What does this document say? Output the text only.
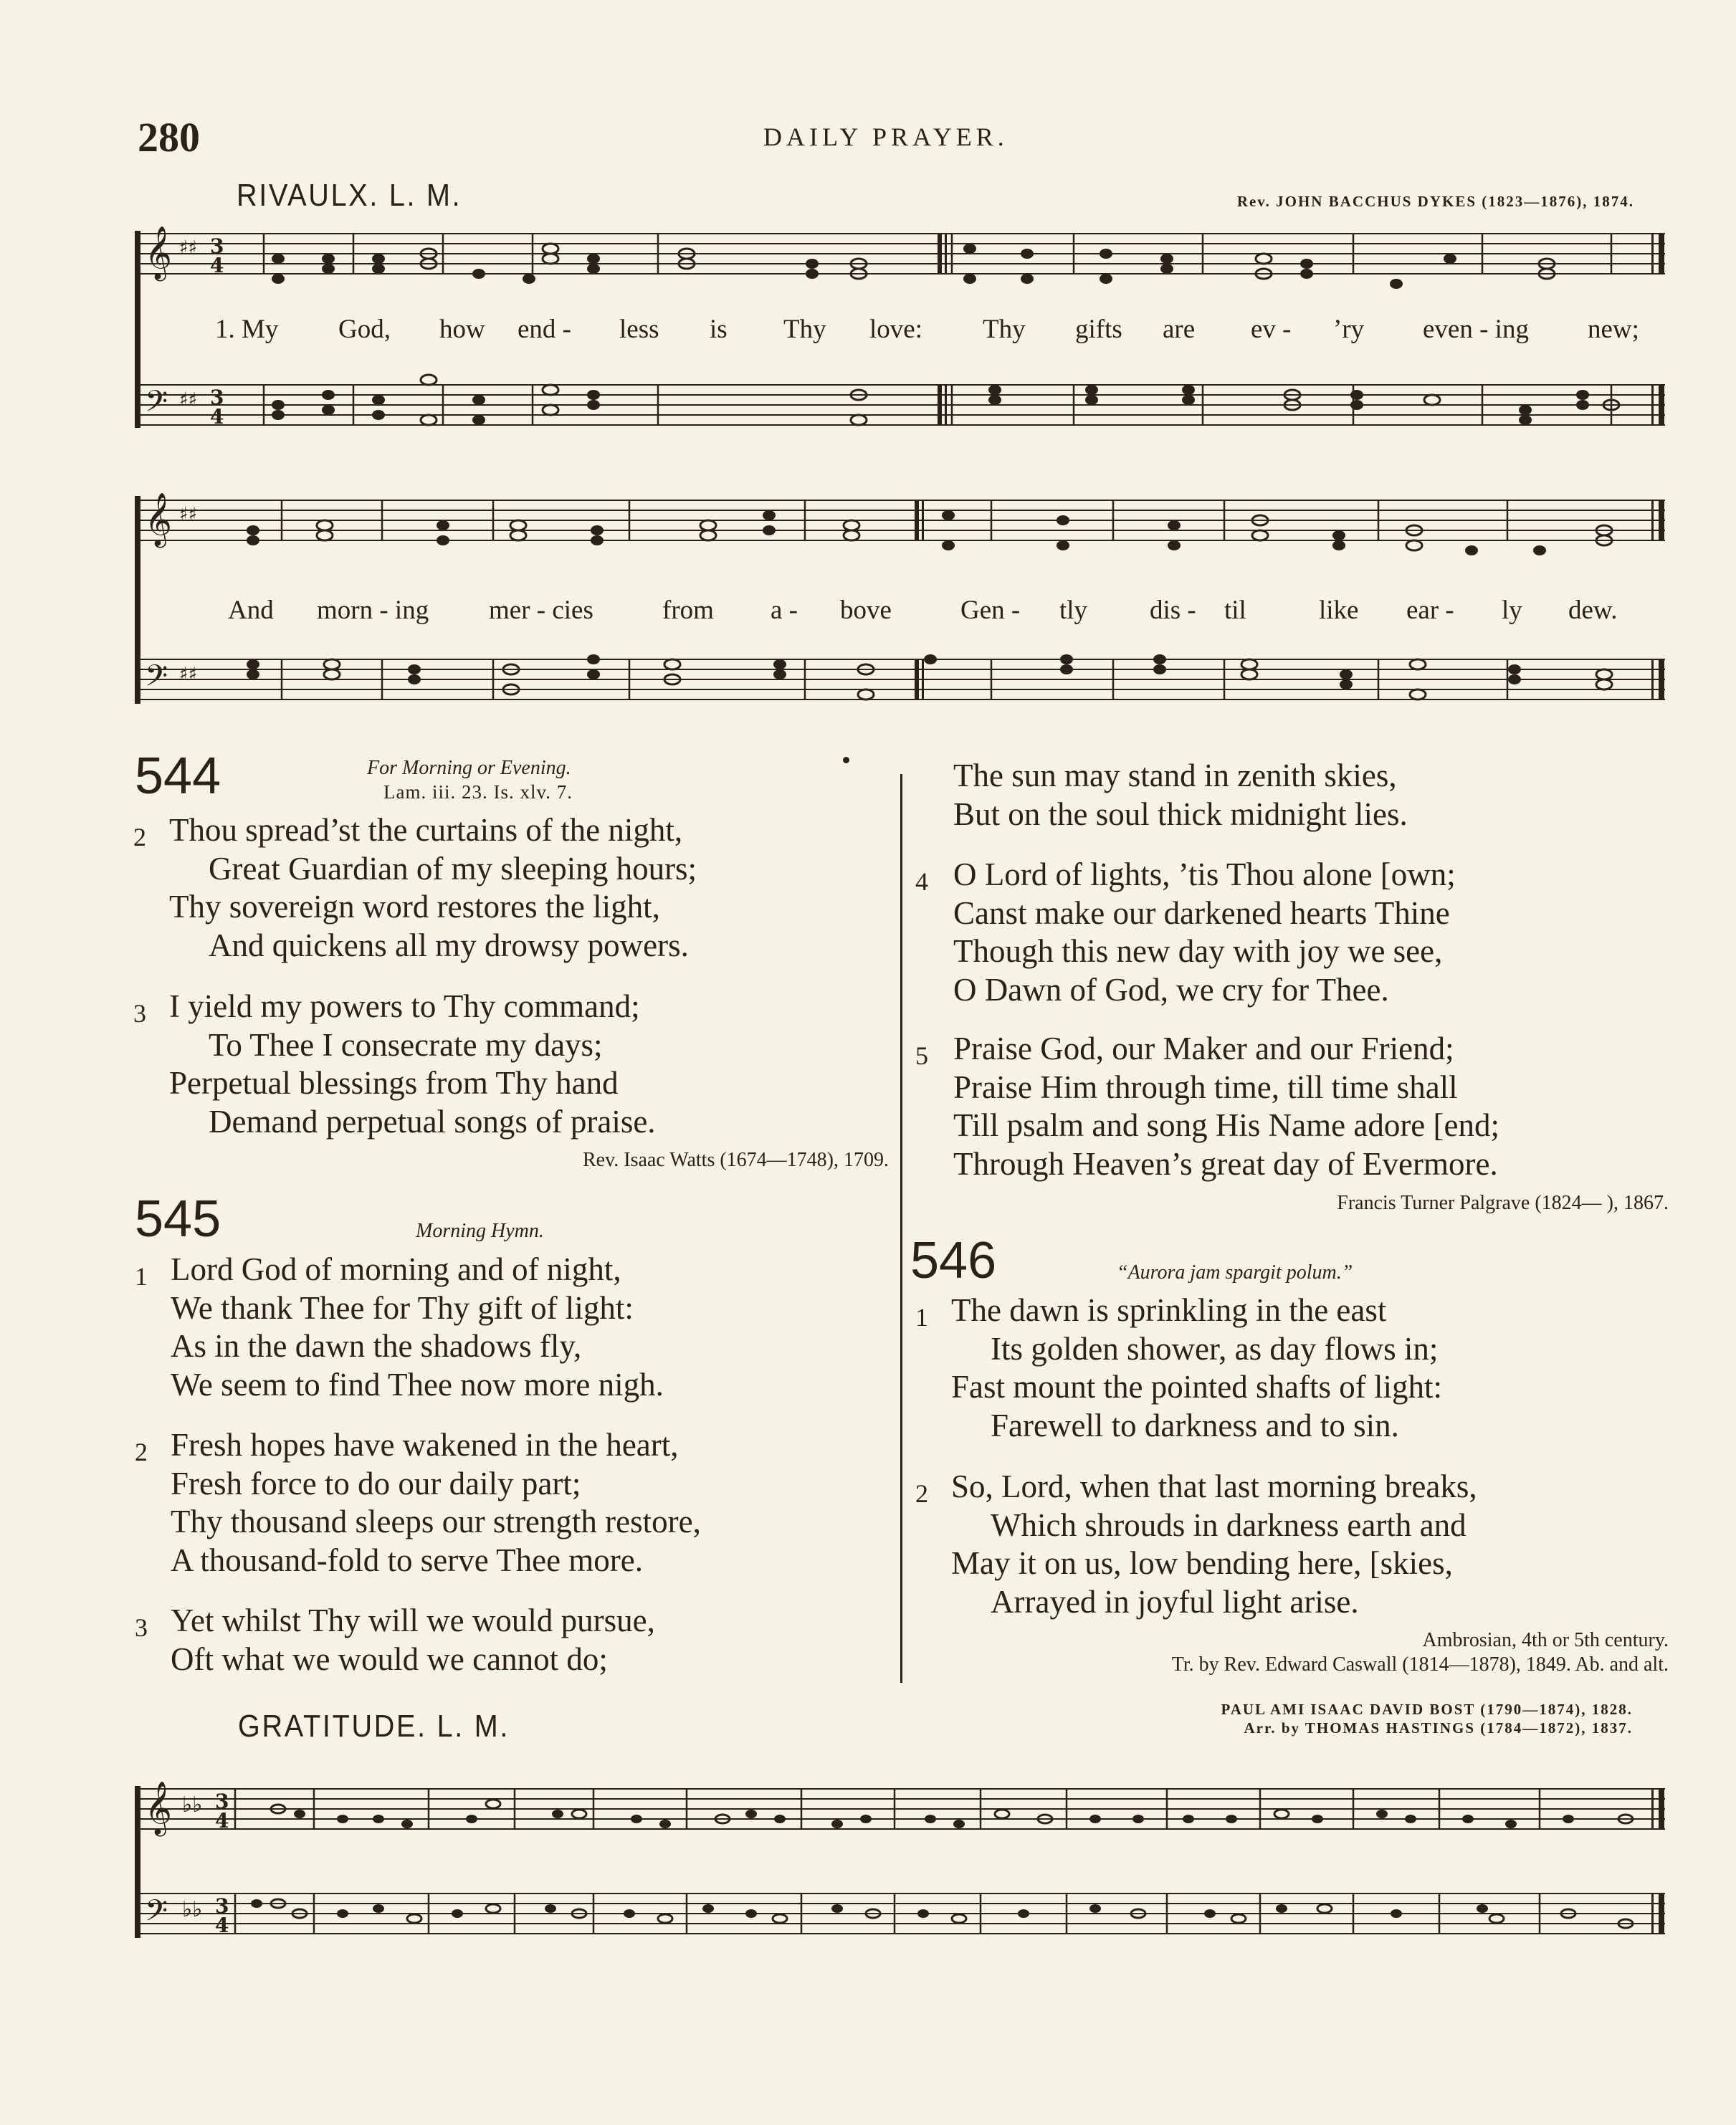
280	DAILY PRAYER.
RIVAULX. L. M.	Rev. JOHN BACCHUS DYKES (1823—1876), 1874.
𝄞
𝄢
♯♯
♯♯
3
4
3
4
1. My God, how end - less is Thy love: Thy gifts are ev - ’ry even - ing new;
𝄞
𝄢
♯♯
♯♯
And morn - ing mer - cies	from a - bove	Gen - tly dis - til	like ear - ly dew.
544	For Morning or Evening.
Lam. iii. 23. Is. xlv. 7.
2 Thou spread’st the curtains of the night,
Great Guardian of my sleeping hours;
Thy sovereign word restores the light,
And quickens all my drowsy powers.
3 I yield my powers to Thy command;
To Thee I consecrate my days;
Perpetual blessings from Thy hand
Demand perpetual songs of praise.
Rev. Isaac Watts (1674—1748), 1709.
545	Morning Hymn.
1 Lord God of morning and of night,
We thank Thee for Thy gift of light:
As in the dawn the shadows fly,
We seem to find Thee now more nigh.
2 Fresh hopes have wakened in the heart,
Fresh force to do our daily part;
Thy thousand sleeps our strength restore,
A thousand-fold to serve Thee more.
3 Yet whilst Thy will we would pursue,
Oft what we would we cannot do;
The sun may stand in zenith skies,
But on the soul thick midnight lies.
4 O Lord of lights, ’tis Thou alone [own;
Canst make our darkened hearts Thine
Though this new day with joy we see,
O Dawn of God, we cry for Thee.
5 Praise God, our Maker and our Friend;
Praise Him through time, till time shall
Till psalm and song His Name adore [end;
Through Heaven’s great day of Evermore.
Francis Turner Palgrave (1824— ), 1867.
546	“Aurora jam spargit polum.”
1 The dawn is sprinkling in the east
Its golden shower, as day flows in;
Fast mount the pointed shafts of light:
Farewell to darkness and to sin.
2 So, Lord, when that last morning breaks,
Which shrouds in darkness earth and
May it on us, low bending here, [skies,
Arrayed in joyful light arise.
Ambrosian, 4th or 5th century.
Tr. by Rev. Edward Caswall (1814—1878), 1849. Ab. and alt.
GRATITUDE. L. M.	PAUL AMI ISAAC DAVID BOST (1790—1874), 1828.
Arr. by THOMAS HASTINGS (1784—1872), 1837.
𝄞
𝄢
♭♭
♭♭
3
4
3
4
